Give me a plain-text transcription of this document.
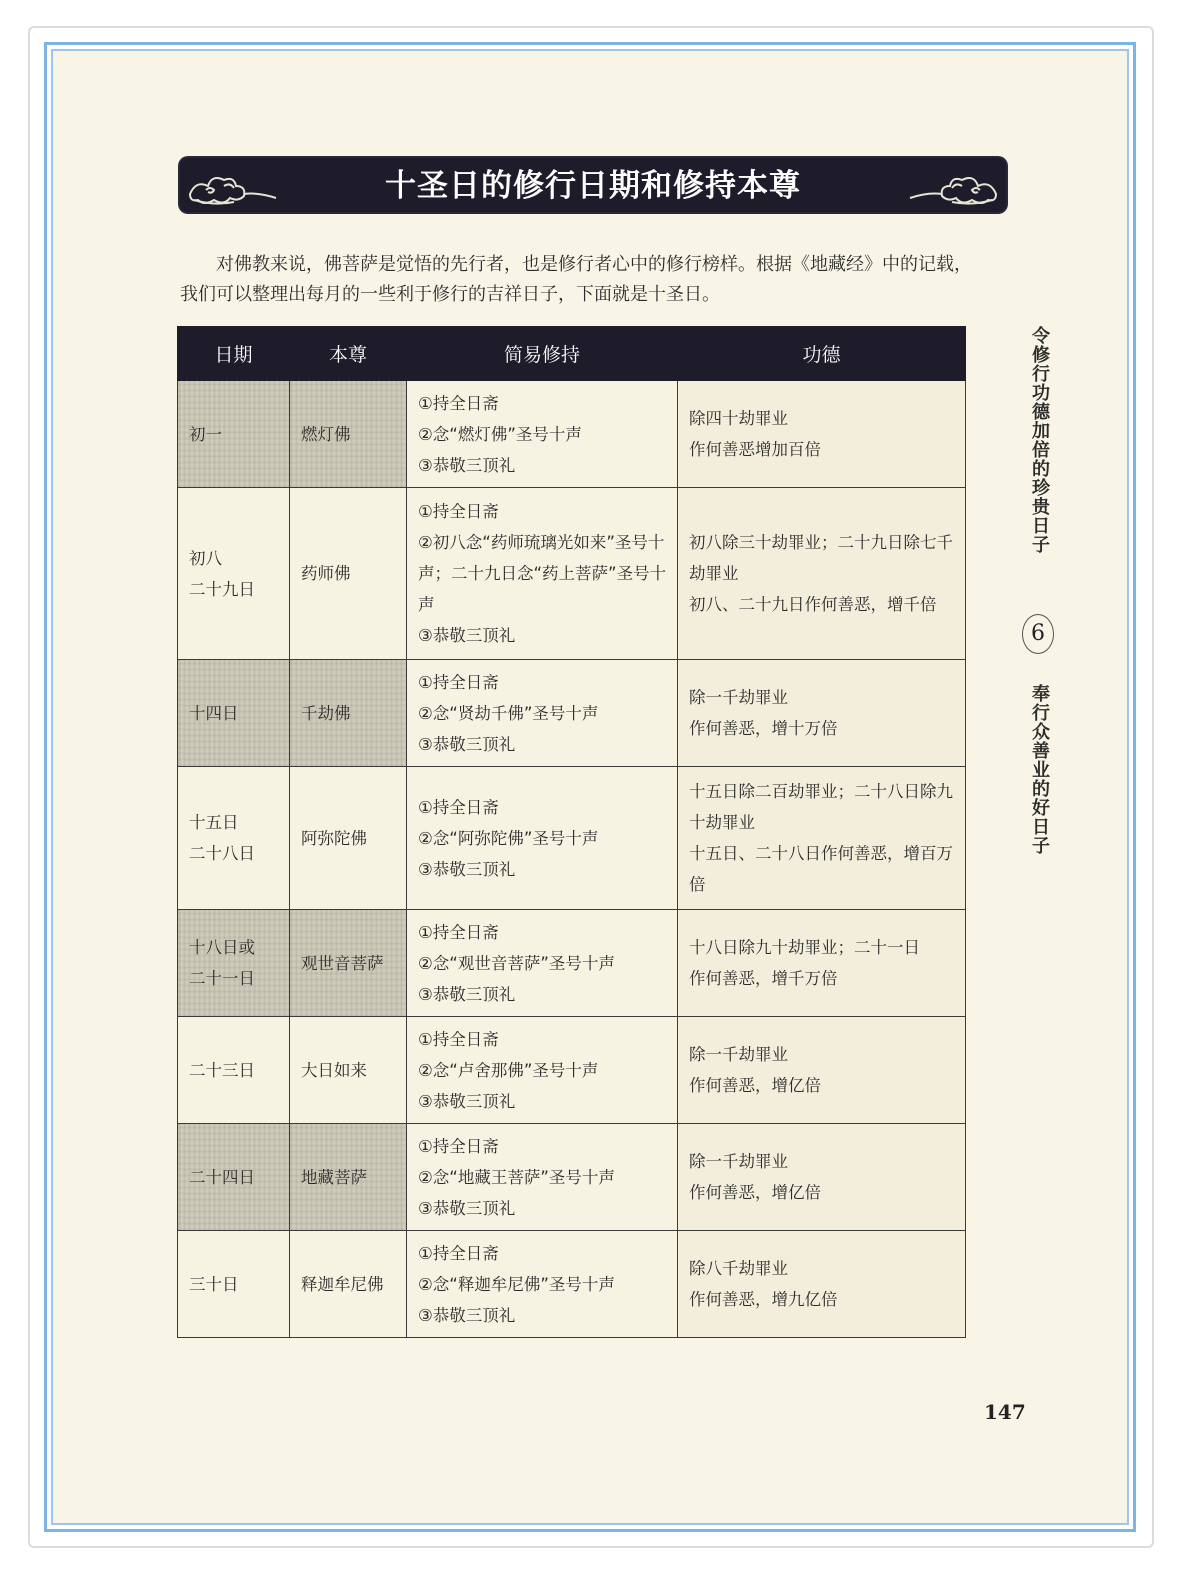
十圣日的修行日期和修持本尊

对佛教来说，佛菩萨是觉悟的先行者，也是修行者心中的修行榜样。根据《地藏经》中的记载，我们可以整理出每月的一些利于修行的吉祥日子，下面就是十圣日。

日期	本尊	简易修持	功德

初一	燃灯佛	①持全日斋
②念“燃灯佛”圣号十声
③恭敬三顶礼	除四十劫罪业
作何善恶增加百倍

初八
二十九日	药师佛	①持全日斋
②初八念“药师琉璃光如来”圣号十声；二十九日念“药上菩萨”圣号十声
③恭敬三顶礼	初八除三十劫罪业；二十九日除七千劫罪业
初八、二十九日作何善恶，增千倍

十四日	千劫佛	①持全日斋
②念“贤劫千佛”圣号十声
③恭敬三顶礼	除一千劫罪业
作何善恶，增十万倍

十五日
二十八日	阿弥陀佛	①持全日斋
②念“阿弥陀佛”圣号十声
③恭敬三顶礼	十五日除二百劫罪业；二十八日除九十劫罪业
十五日、二十八日作何善恶，增百万倍

十八日或
二十一日	观世音菩萨	①持全日斋
②念“观世音菩萨”圣号十声
③恭敬三顶礼	十八日除九十劫罪业；二十一日
作何善恶，增千万倍

二十三日	大日如来	①持全日斋
②念“卢舍那佛”圣号十声
③恭敬三顶礼	除一千劫罪业
作何善恶，增亿倍

二十四日	地藏菩萨	①持全日斋
②念“地藏王菩萨”圣号十声
③恭敬三顶礼	除一千劫罪业
作何善恶，增亿倍

三十日	释迦牟尼佛	①持全日斋
②念“释迦牟尼佛”圣号十声
③恭敬三顶礼	除八千劫罪业
作何善恶，增九亿倍
令修行功德加倍的珍贵日子
6
奉行众善业的好日子
147
